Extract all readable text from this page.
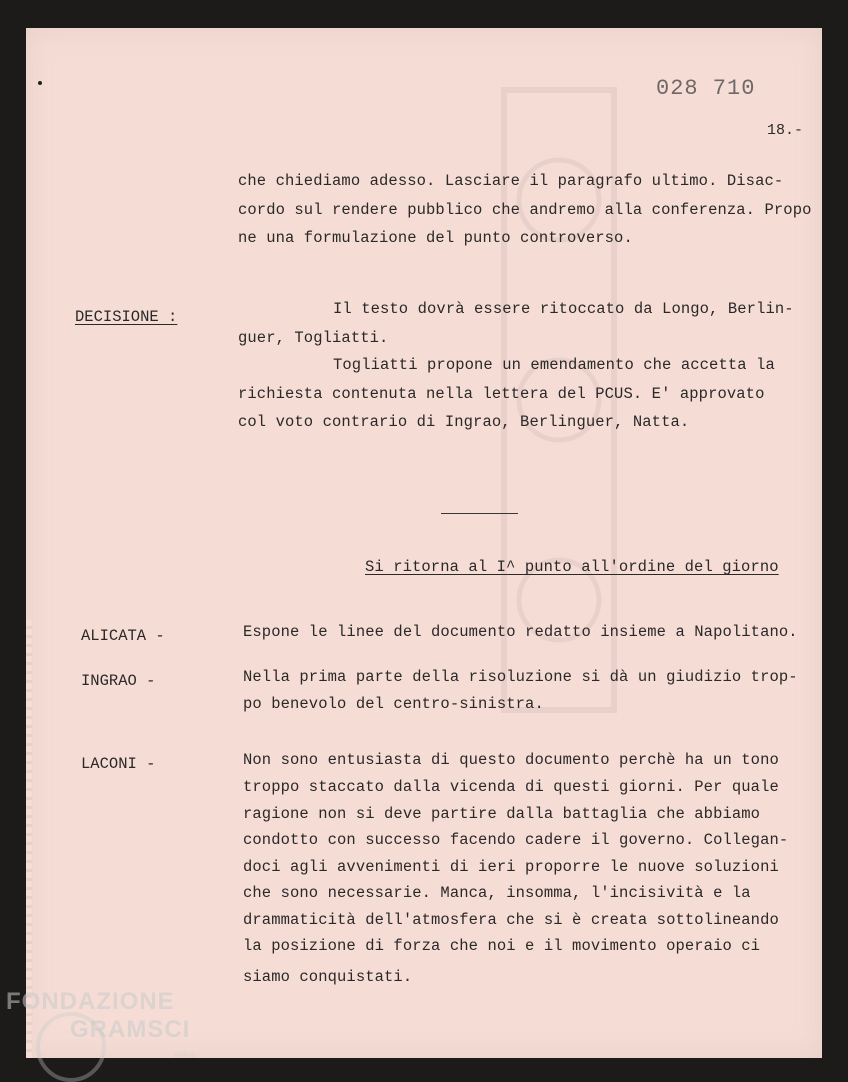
028 710
18.-
che chiediamo adesso. Lasciare il paragrafo ultimo. Disac-
cordo sul rendere pubblico che andremo alla conferenza. Propo
ne una formulazione del punto controverso.
DECISIONE :	Il testo dovrà essere ritoccato da Longo, Berlin-
guer, Togliatti.
Togliatti propone un emendamento che accetta la
richiesta contenuta nella lettera del PCUS. E' approvato
col voto contrario di Ingrao, Berlinguer, Natta.
Si ritorna al I^ punto all'ordine del giorno
ALICATA -	Espone le linee del documento redatto insieme a Napolitano.
INGRAO -	Nella prima parte della risoluzione si dà un giudizio trop-
po benevolo del centro-sinistra.
LACONI -	Non sono entusiasta di questo documento perchè ha un tono
troppo staccato dalla vicenda di questi giorni. Per quale
ragione non si deve partire dalla battaglia che abbiamo
condotto con successo facendo cadere il governo. Collegan-
doci agli avvenimenti di ieri proporre le nuove soluzioni
che sono necessarie. Manca, insomma, l'incisività e la
drammaticità dell'atmosfera che si è creata sottolineando
la posizione di forza che noi e il movimento operaio ci
siamo conquistati.
FONDAZIONE
GRAMSCI
onlus
